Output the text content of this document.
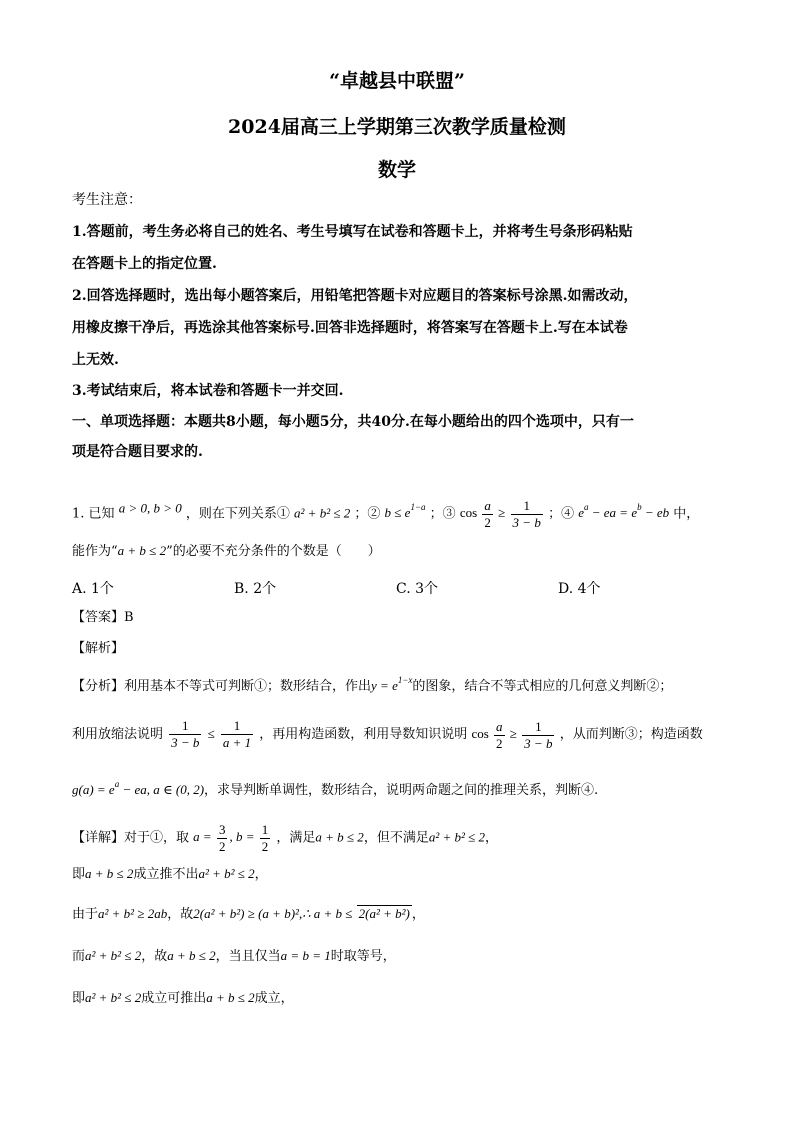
“卓越县中联盟”
2024届高三上学期第三次教学质量检测
数学
考生注意：
1.答题前，考生务必将自己的姓名、考生号填写在试卷和答题卡上，并将考生号条形码粘贴
在答题卡上的指定位置.
2.回答选择题时，选出每小题答案后，用铅笔把答题卡对应题目的答案标号涂黑.如需改动，
用橡皮擦干净后，再选涂其他答案标号.回答非选择题时，将答案写在答题卡上.写在本试卷
上无效.
3.考试结束后，将本试卷和答题卡一并交回.
一、单项选择题：本题共8小题，每小题5分，共40分.在每小题给出的四个选项中，只有一
项是符合题目要求的.
1. 已知 a > 0, b > 0 ，则在下列关系① a² + b² ≤ 2 ；② $b \le e^{1-a}$ ；③ $\cos \frac{a}{2} \ge \frac{1}{3 - b}$ ；④ $e^a$ − ea = $e^b$ − eb 中，
能作为“a + b ≤ 2”的必要不充分条件的个数是（　　）
A. 1个	B. 2个	C. 3个	D. 4个
【答案】B
【解析】
【分析】利用基本不等式可判断①；数形结合，作出$y = e^{1-x}$的图象，结合不等式相应的几何意义判断②；
利用放缩法说明 $\frac{1}{3 - b} \le \frac{1}{a + 1}$ ，再用构造函数，利用导数知识说明 $\cos \frac{a}{2} \ge \frac{1}{3 - b}$ ，从而判断③；构造函数
$g(a) = e^a$ − ea, a ∈ (0, 2)，求导判断单调性，数形结合，说明两命题之间的推理关系，判断④.
【详解】对于①，取 $a = \frac{3}{2}$ , $b = \frac{1}{2}$ ，满足a + b ≤ 2，但不满足a² + b² ≤ 2，
即a + b ≤ 2成立推不出a² + b² ≤ 2，
由于a² + b² ≥ 2ab，故2(a² + b²) ≥ (a + b)²,∴ a + b ≤ 2(a² + b²) ，
而a² + b² ≤ 2，故a + b ≤ 2，当且仅当a = b = 1时取等号，
即a² + b² ≤ 2成立可推出a + b ≤ 2成立，
